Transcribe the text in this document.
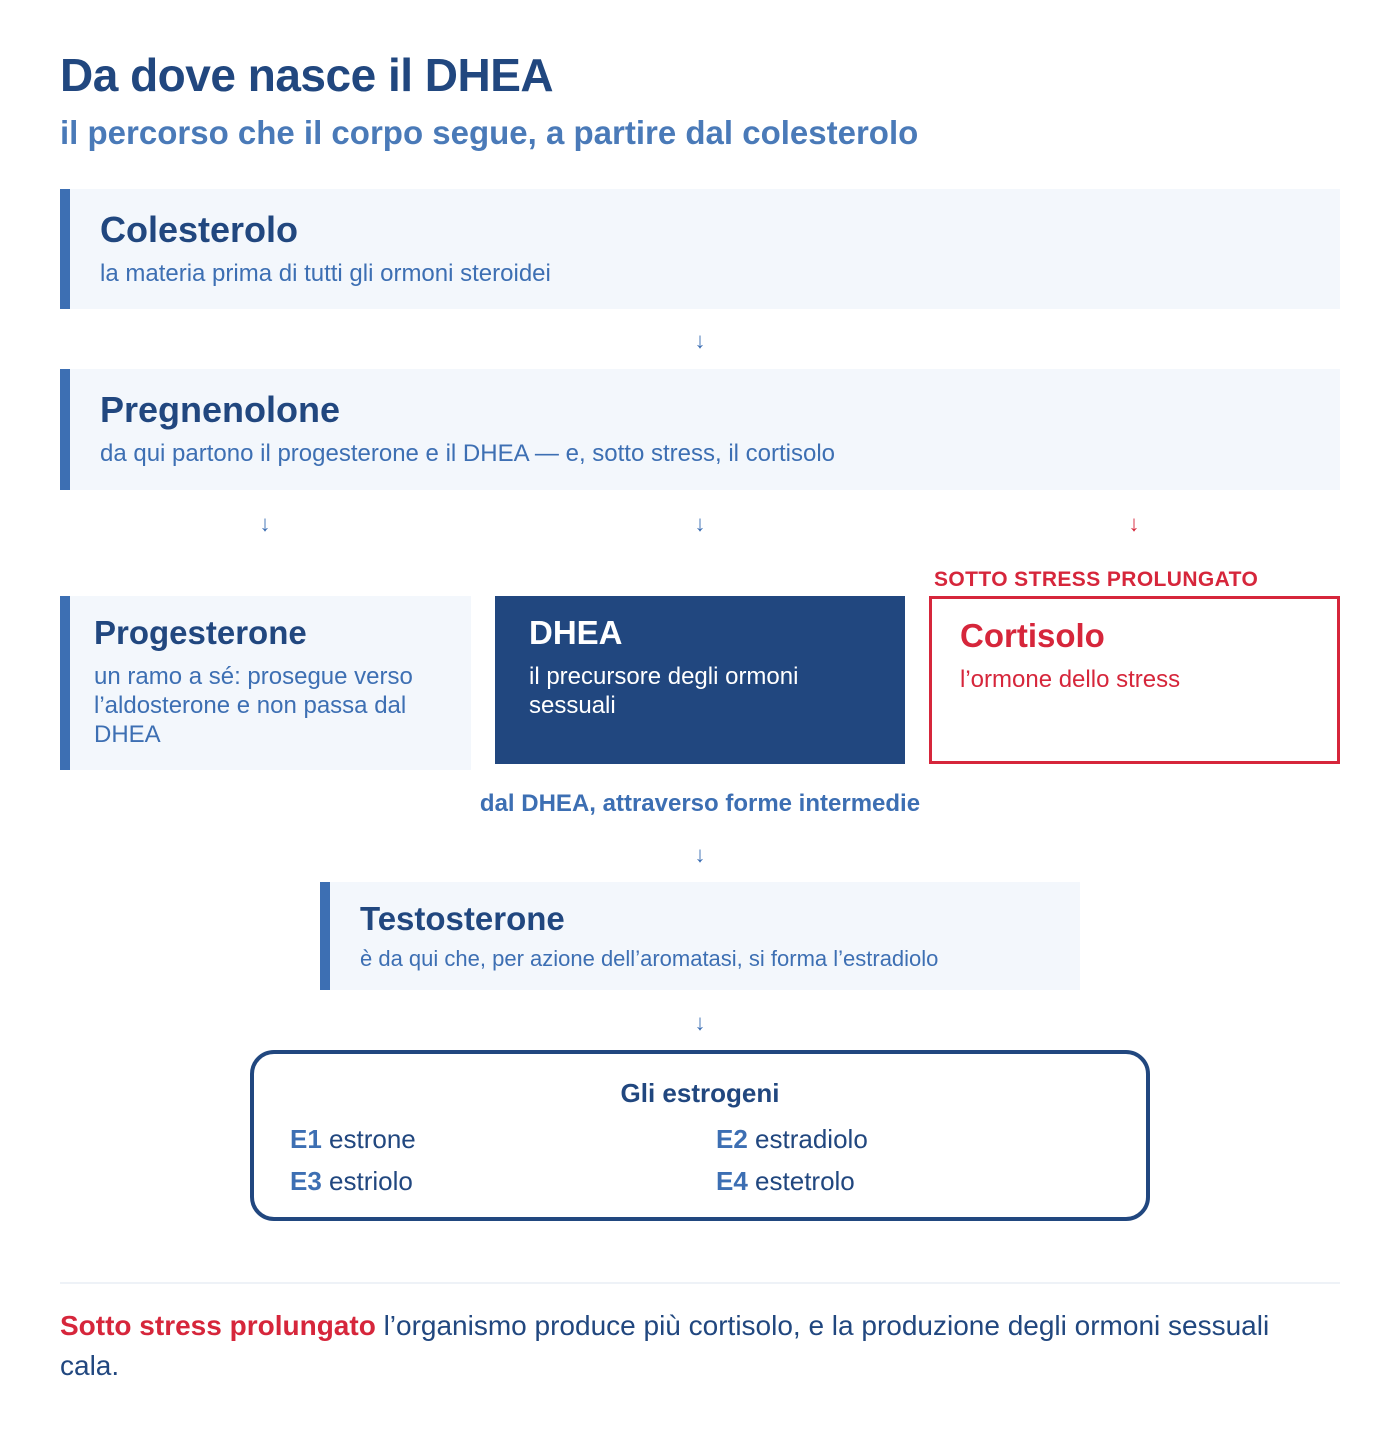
Da dove nasce il DHEA
il percorso che il corpo segue, a partire dal colesterolo
Colesterolo
la materia prima di tutti gli ormoni steroidei
↓
Pregnenolone
da qui partono il progesterone e il DHEA — e, sotto stress, il cortisolo
↓	↓	↓
SOTTO STRESS PROLUNGATO
Progesterone
un ramo a sé: prosegue verso l’aldosterone e non passa dal DHEA
DHEA
il precursore degli ormoni sessuali
Cortisolo
l’ormone dello stress
dal DHEA, attraverso forme intermedie
↓
Testosterone
è da qui che, per azione dell’aromatasi, si forma l’estradiolo
↓
Gli estrogeni
E1 estrone	E2 estradiolo
E3 estriolo	E4 estetrolo

Sotto stress prolungato l’organismo produce più cortisolo, e la produzione degli ormoni sessuali cala.
